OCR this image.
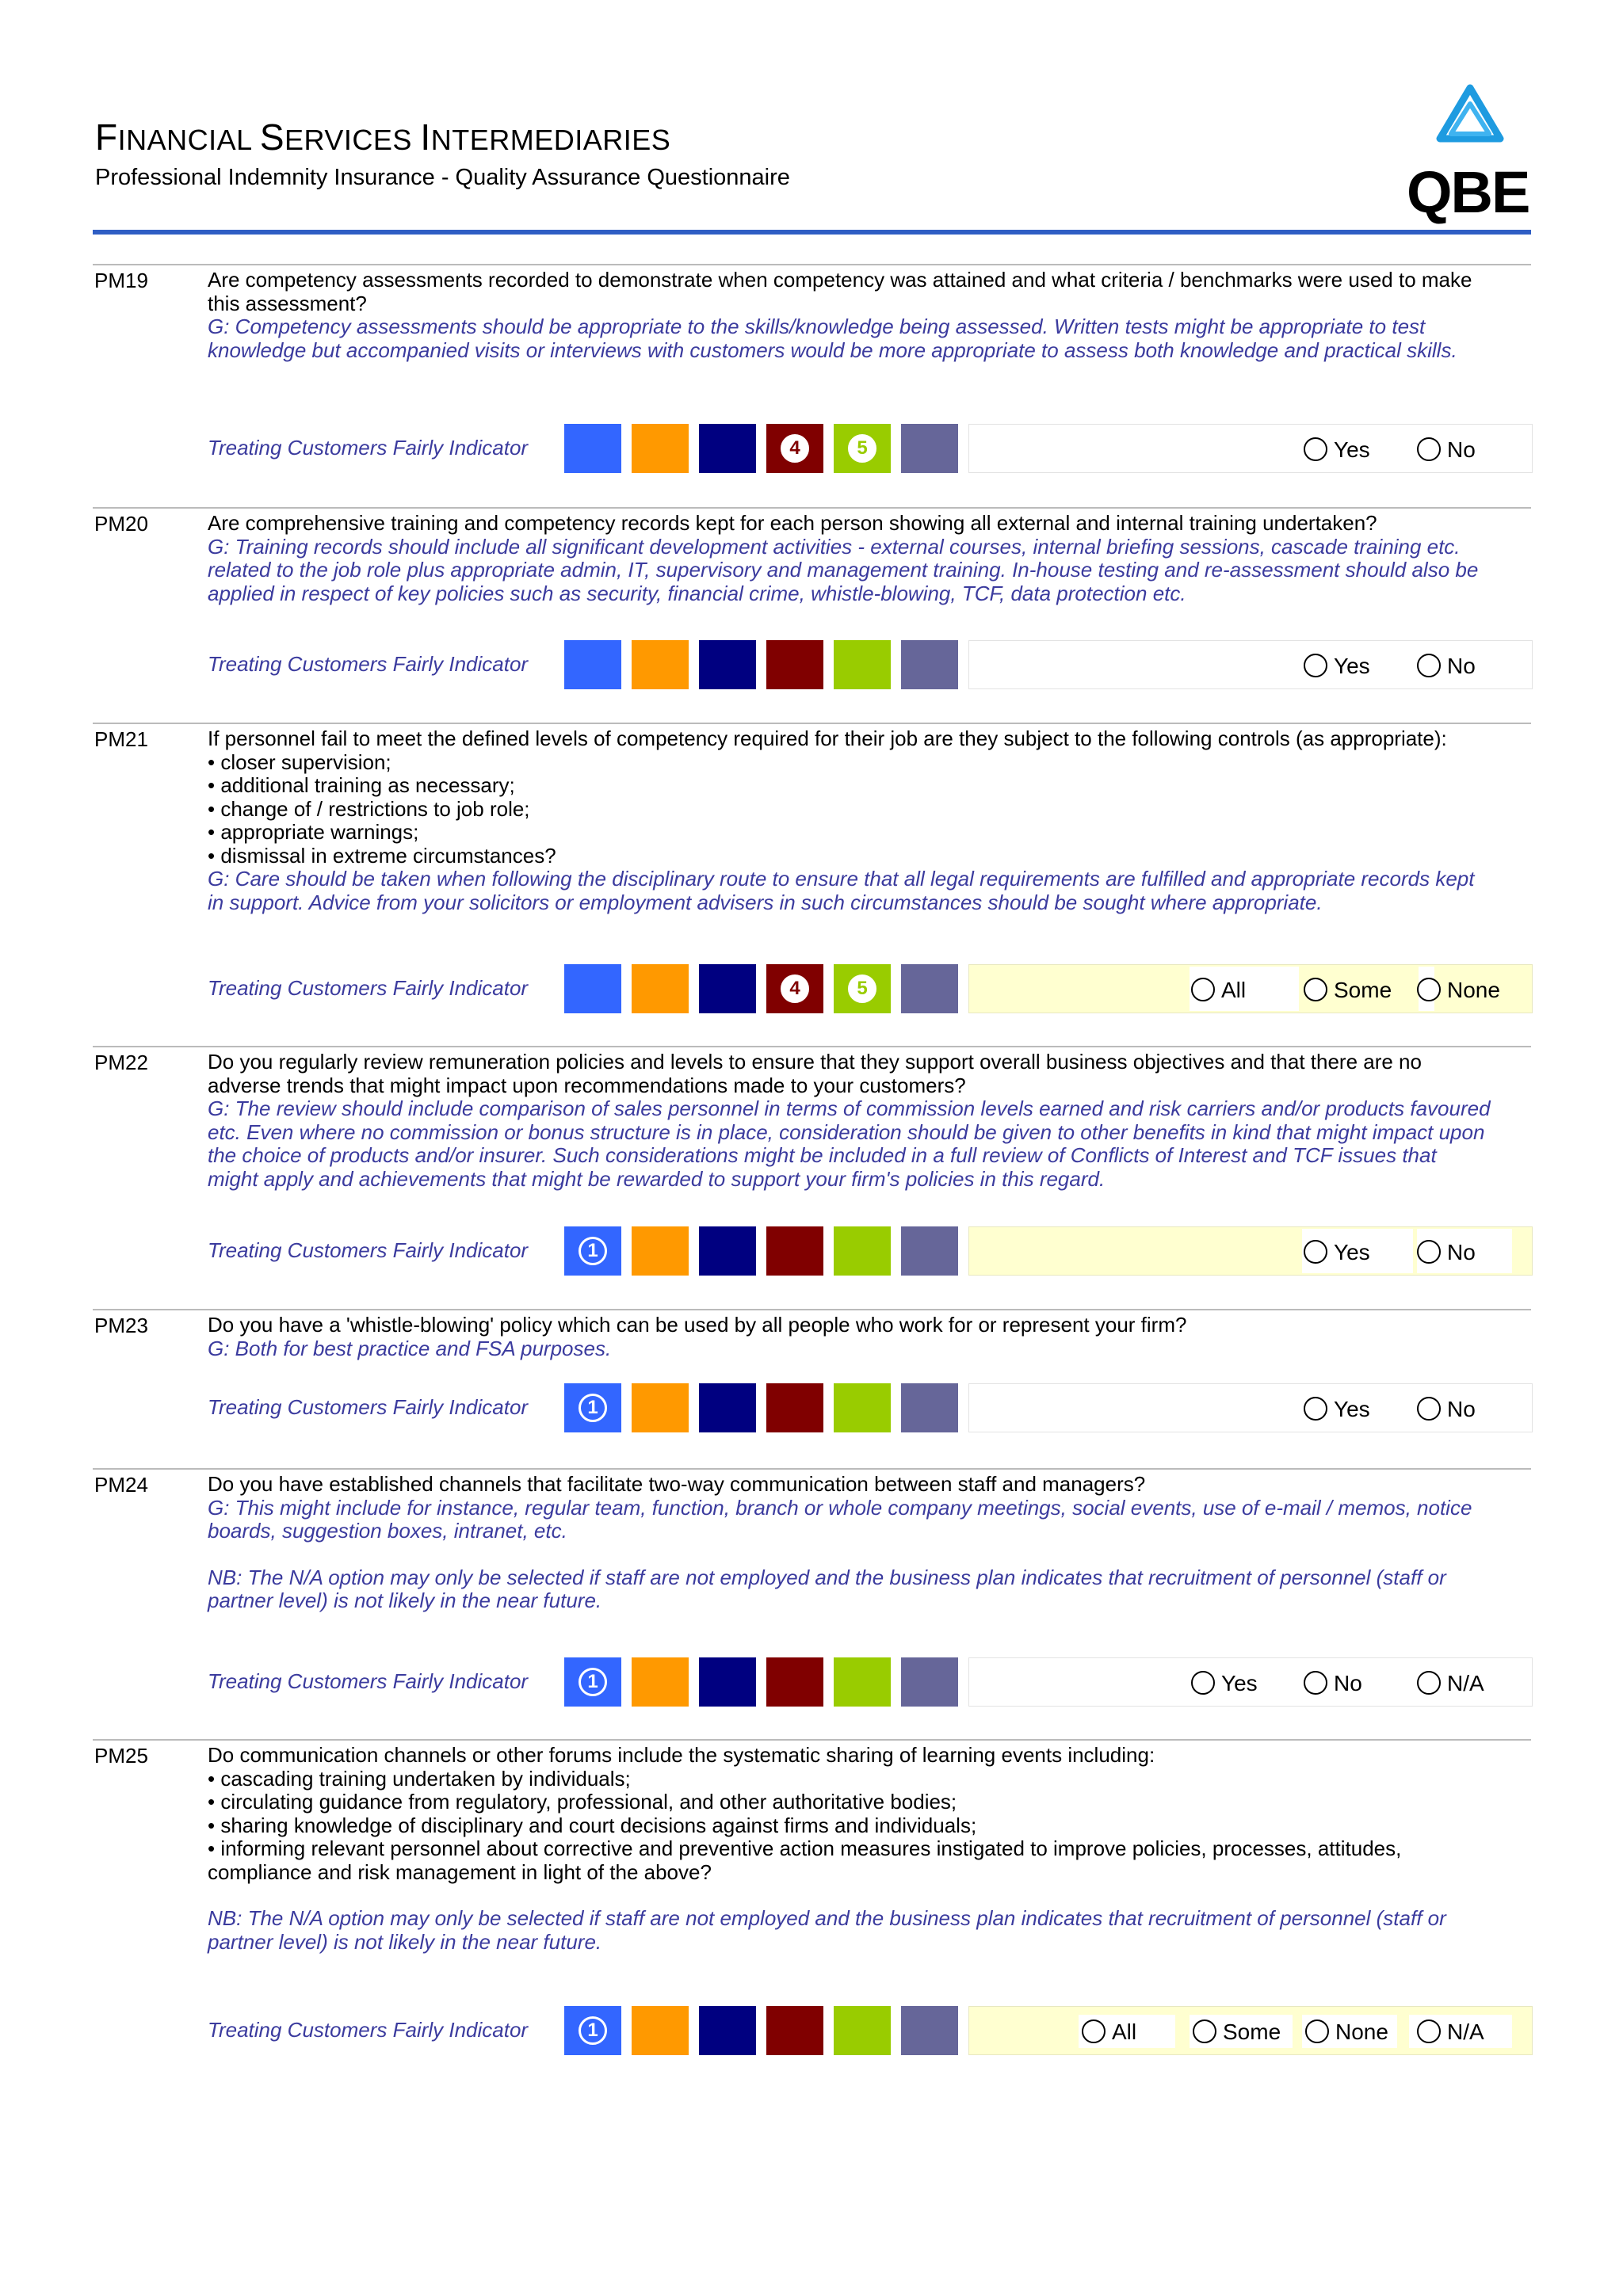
FINANCIAL SERVICES INTERMEDIARIES
Professional Indemnity Insurance - Quality Assurance Questionnaire	QBE
PM19	Are competency assessments recorded to demonstrate when competency was attained and what criteria / benchmarks were used to make
this assessment?
G: Competency assessments should be appropriate to the skills/knowledge being assessed. Written tests might be appropriate to test
knowledge but accompanied visits or interviews with customers would be more appropriate to assess both knowledge and practical skills.
Treating Customers Fairly Indicator	4	5	Yes	No
PM20	Are comprehensive training and competency records kept for each person showing all external and internal training undertaken?
G: Training records should include all significant development activities - external courses, internal briefing sessions, cascade training etc.
related to the job role plus appropriate admin, IT, supervisory and management training. In-house testing and re-assessment should also be
applied in respect of key policies such as security, financial crime, whistle-blowing, TCF, data protection etc.
Treating Customers Fairly Indicator	Yes	No
PM21	If personnel fail to meet the defined levels of competency required for their job are they subject to the following controls (as appropriate):
• closer supervision;
• additional training as necessary;
• change of / restrictions to job role;
• appropriate warnings;
• dismissal in extreme circumstances?
G: Care should be taken when following the disciplinary route to ensure that all legal requirements are fulfilled and appropriate records kept
in support. Advice from your solicitors or employment advisers in such circumstances should be sought where appropriate.
Treating Customers Fairly Indicator	4	5	All	Some	None
PM22	Do you regularly review remuneration policies and levels to ensure that they support overall business objectives and that there are no
adverse trends that might impact upon recommendations made to your customers?
G: The review should include comparison of sales personnel in terms of commission levels earned and risk carriers and/or products favoured
etc. Even where no commission or bonus structure is in place, consideration should be given to other benefits in kind that might impact upon
the choice of products and/or insurer. Such considerations might be included in a full review of Conflicts of Interest and TCF issues that
might apply and achievements that might be rewarded to support your firm's policies in this regard.
Treating Customers Fairly Indicator	1	Yes	No
PM23	Do you have a 'whistle-blowing' policy which can be used by all people who work for or represent your firm?
G: Both for best practice and FSA purposes.
Treating Customers Fairly Indicator	1	Yes	No
PM24	Do you have established channels that facilitate two-way communication between staff and managers?
G: This might include for instance, regular team, function, branch or whole company meetings, social events, use of e-mail / memos, notice
boards, suggestion boxes, intranet, etc.
NB: The N/A option may only be selected if staff are not employed and the business plan indicates that recruitment of personnel (staff or
partner level) is not likely in the near future.
Treating Customers Fairly Indicator	1	Yes	No	N/A
PM25	Do communication channels or other forums include the systematic sharing of learning events including:
• cascading training undertaken by individuals;
• circulating guidance from regulatory, professional, and other authoritative bodies;
• sharing knowledge of disciplinary and court decisions against firms and individuals;
• informing relevant personnel about corrective and preventive action measures instigated to improve policies, processes, attitudes,
compliance and risk management in light of the above?
NB: The N/A option may only be selected if staff are not employed and the business plan indicates that recruitment of personnel (staff or
partner level) is not likely in the near future.
Treating Customers Fairly Indicator	1	All	Some	None	N/A
